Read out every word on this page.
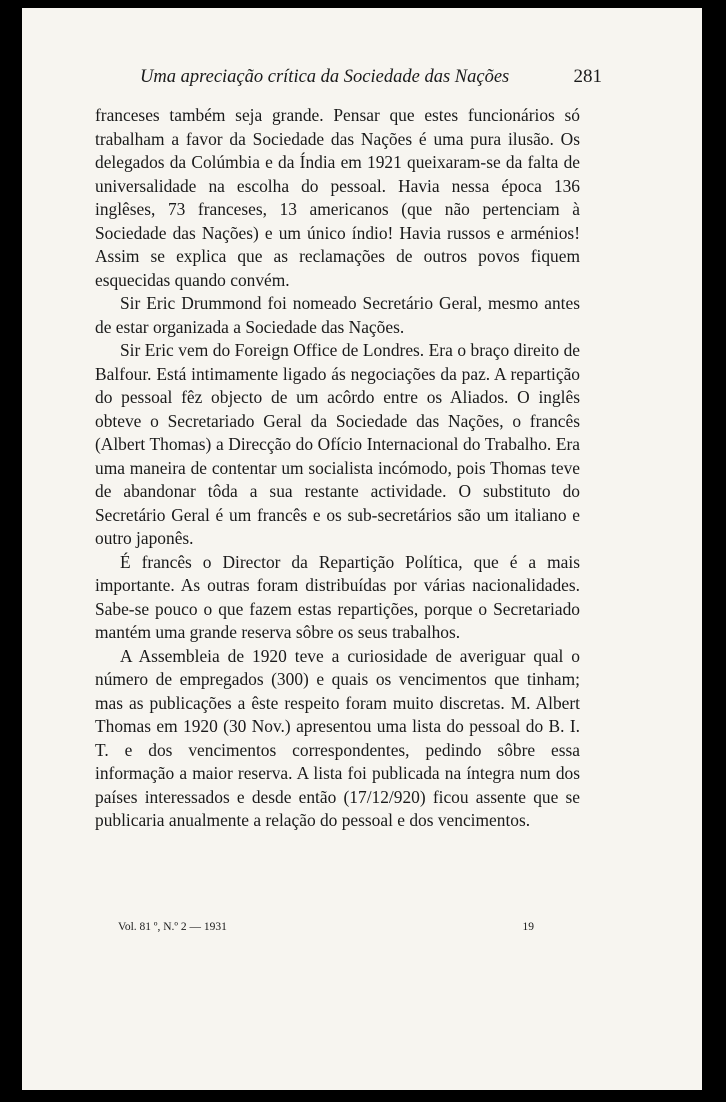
Uma apreciação crítica da Sociedade das Nações	281

franceses também seja grande. Pensar que estes funcionários só trabalham a favor da Sociedade das Nações é uma pura ilusão. Os delegados da Colúmbia e da Índia em 1921 queixaram-se da falta de universalidade na escolha do pessoal. Havia nessa época 136 inglêses, 73 franceses, 13 americanos (que não pertenciam à Sociedade das Nações) e um único índio! Havia russos e arménios! Assim se explica que as reclamações de outros povos fiquem esquecidas quando convém.

Sir Eric Drummond foi nomeado Secretário Geral, mesmo antes de estar organizada a Sociedade das Nações.

Sir Eric vem do Foreign Office de Londres. Era o braço direito de Balfour. Está intimamente ligado ás negociações da paz. A repartição do pessoal fêz objecto de um acôrdo entre os Aliados. O inglês obteve o Secretariado Geral da Sociedade das Nações, o francês (Albert Thomas) a Direcção do Ofício Internacional do Trabalho. Era uma maneira de contentar um socialista incómodo, pois Thomas teve de abandonar tôda a sua restante actividade. O substituto do Secretário Geral é um francês e os sub-secretários são um italiano e outro japonês.

É francês o Director da Repartição Política, que é a mais importante. As outras foram distribuídas por várias nacionalidades. Sabe-se pouco o que fazem estas repartições, porque o Secretariado mantém uma grande reserva sôbre os seus trabalhos.

A Assembleia de 1920 teve a curiosidade de averiguar qual o número de empregados (300) e quais os vencimentos que tinham; mas as publicações a êste respeito foram muito discretas. M. Albert Thomas em 1920 (30 Nov.) apresentou uma lista do pessoal do B. I. T. e dos vencimentos correspondentes, pedindo sôbre essa informação a maior reserva. A lista foi publicada na íntegra num dos países interessados e desde então (17/12/920) ficou assente que se publicaria anualmente a relação do pessoal e dos vencimentos.

Vol. 81 º, N.º 2 — 1931	19
